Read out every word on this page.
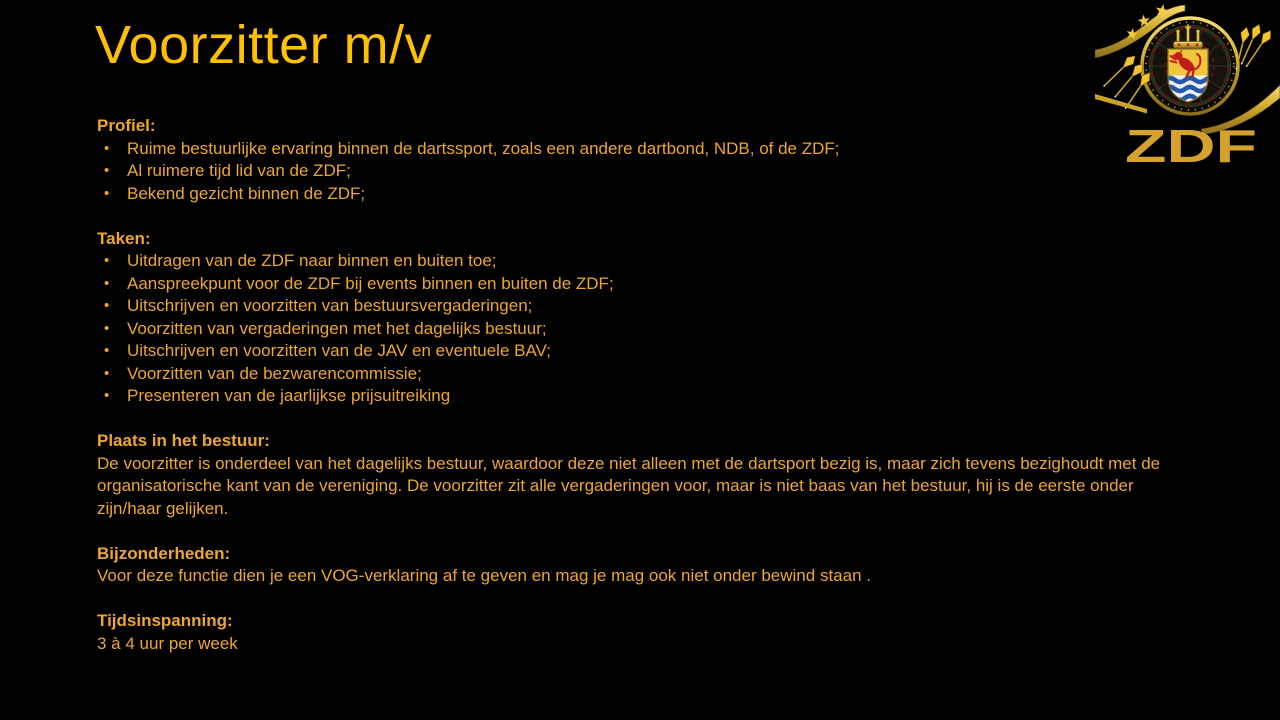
Voorzitter m/v
Profiel:
• Ruime bestuurlijke ervaring binnen de dartssport, zoals een andere dartbond, NDB, of de ZDF;
• Al ruimere tijd lid van de ZDF;
• Bekend gezicht binnen de ZDF;
Taken:
• Uitdragen van de ZDF naar binnen en buiten toe;
• Aanspreekpunt voor de ZDF bij events binnen en buiten de ZDF;
• Uitschrijven en voorzitten van bestuursvergaderingen;
• Voorzitten van vergaderingen met het dagelijks bestuur;
• Uitschrijven en voorzitten van de JAV en eventuele BAV;
• Voorzitten van de bezwarencommissie;
• Presenteren van de jaarlijkse prijsuitreiking
Plaats in het bestuur:

De voorzitter is onderdeel van het dagelijks bestuur, waardoor deze niet alleen met de dartsport bezig is, maar zich tevens bezighoudt met de organisatorische kant van de vereniging. De voorzitter zit alle vergaderingen voor, maar is niet baas van het bestuur, hij is de eerste onder zijn/haar gelijken.

Bijzonderheden:

Voor deze functie dien je een VOG-verklaring af te geven en mag je mag ook niet onder bewind staan .

Tijdsinspanning:

3 à 4 uur per week

ZDF
